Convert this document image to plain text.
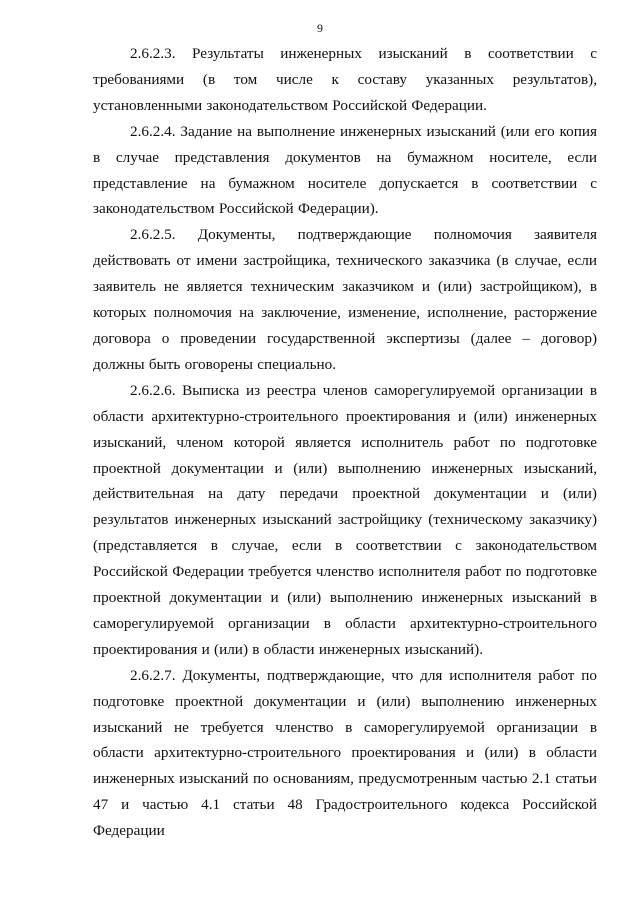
9

2.6.2.3. Результаты инженерных изысканий в соответствии с требованиями (в том числе к составу указанных результатов), установленными законодательством Российской Федерации.

2.6.2.4. Задание на выполнение инженерных изысканий (или его копия в случае представления документов на бумажном носителе, если представление на бумажном носителе допускается в соответствии с законодательством Российской Федерации).

2.6.2.5. Документы, подтверждающие полномочия заявителя действовать от имени застройщика, технического заказчика (в случае, если заявитель не является техническим заказчиком и (или) застройщиком), в которых полномочия на заключение, изменение, исполнение, расторжение договора о проведении государственной экспертизы (далее – договор) должны быть оговорены специально.

2.6.2.6. Выписка из реестра членов саморегулируемой организации в области архитектурно-строительного проектирования и (или) инженерных изысканий, членом которой является исполнитель работ по подготовке проектной документации и (или) выполнению инженерных изысканий, действительная на дату передачи проектной документации и (или) результатов инженерных изысканий застройщику (техническому заказчику) (представляется в случае, если в соответствии с законодательством Российской Федерации требуется членство исполнителя работ по подготовке проектной документации и (или) выполнению инженерных изысканий в саморегулируемой организации в области архитектурно-строительного проектирования и (или) в области инженерных изысканий).

2.6.2.7. Документы, подтверждающие, что для исполнителя работ по подготовке проектной документации и (или) выполнению инженерных изысканий не требуется членство в саморегулируемой организации в области архитектурно-строительного проектирования и (или) в области инженерных изысканий по основаниям, предусмотренным частью 2.1 статьи 47 и частью 4.1 статьи 48 Градостроительного кодекса Российской Федерации
